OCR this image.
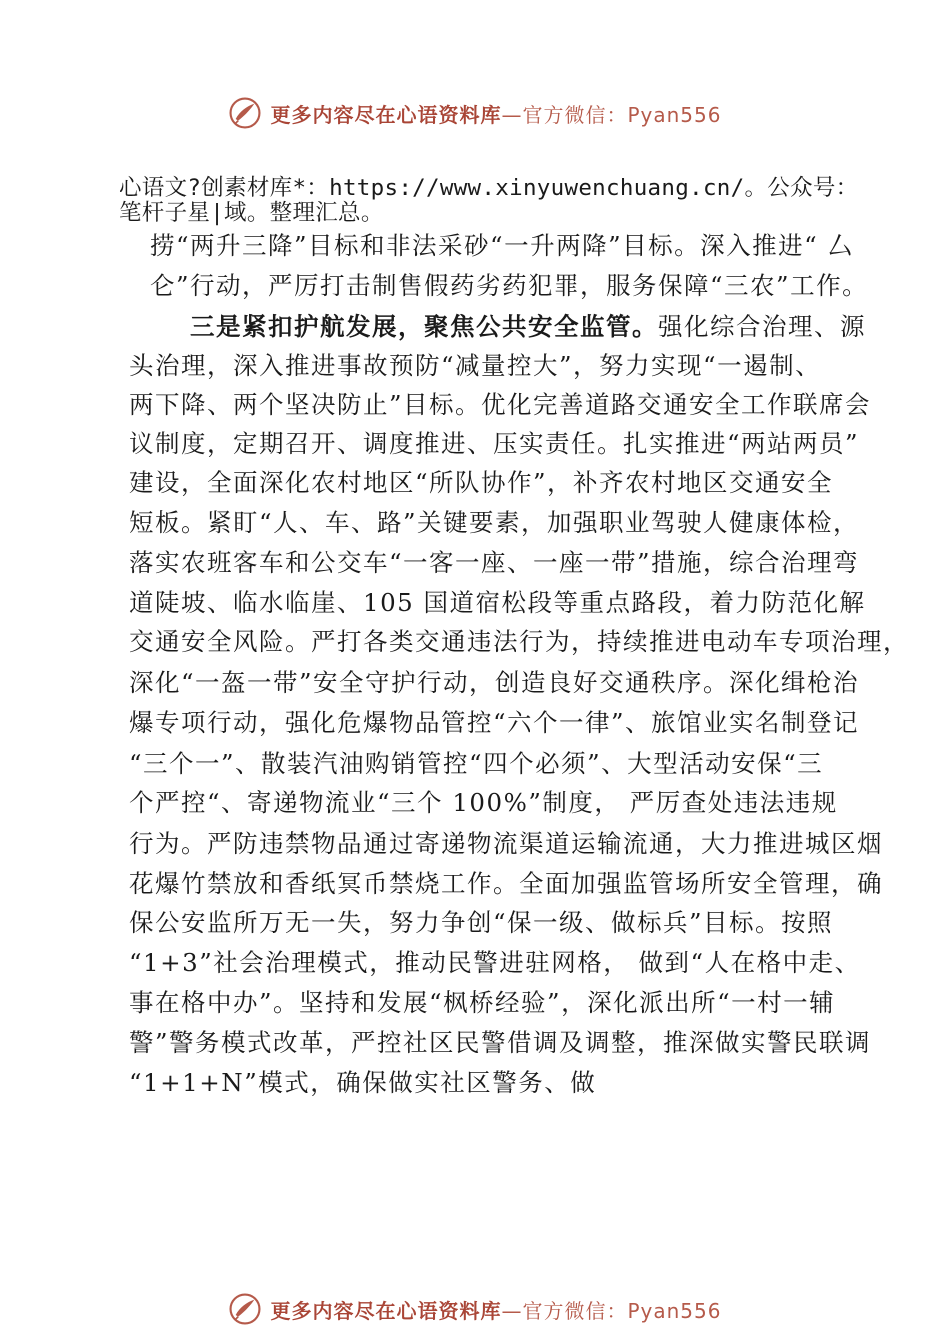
更多内容尽在心语资料库—官方微信：Pyan556
心语文?创素材库*：https://www.xinyuwenchuang.cn/。公众号：
笔杆子星|域。整理汇总。
捞“两升三降”目标和非法采砂“一升两降”目标。深入推进“ 厶
仑”行动，严厉打击制售假药劣药犯罪，服务保障“三农”工作。
三是紧扣护航发展，聚焦公共安全监管。强化综合治理、源
头治理，深入推进事故预防“减量控大”，努力实现“一遏制、
两下降、两个坚决防止”目标。优化完善道路交通安全工作联席会
议制度，定期召开、调度推进、压实责任。扎实推进“两站两员”
建设，全面深化农村地区“所队协作”，补齐农村地区交通安全
短板。紧盯“人、车、路”关键要素，加强职业驾驶人健康体检，
落实农班客车和公交车“一客一座、一座一带”措施，综合治理弯
道陡坡、临水临崖、105 国道宿松段等重点路段，着力防范化解
交通安全风险。严打各类交通违法行为，持续推进电动车专项治理，
深化“一盔一带”安全守护行动，创造良好交通秩序。深化缉枪治
爆专项行动，强化危爆物品管控“六个一律”、旅馆业实名制登记
“三个一”、散装汽油购销管控“四个必须”、大型活动安保“三
个严控“、寄递物流业“三个 100%”制度， 严厉查处违法违规
行为。严防违禁物品通过寄递物流渠道运输流通，大力推进城区烟
花爆竹禁放和香纸冥币禁烧工作。全面加强监管场所安全管理，确
保公安监所万无一失，努力争创“保一级、做标兵”目标。按照
“1+3”社会治理模式，推动民警进驻网格， 做到“人在格中走、
事在格中办”。坚持和发展“枫桥经验”，深化派出所“一村一辅
警”警务模式改革，严控社区民警借调及调整，推深做实警民联调
“1+1+N”模式，确保做实社区警务、做
更多内容尽在心语资料库—官方微信：Pyan556
